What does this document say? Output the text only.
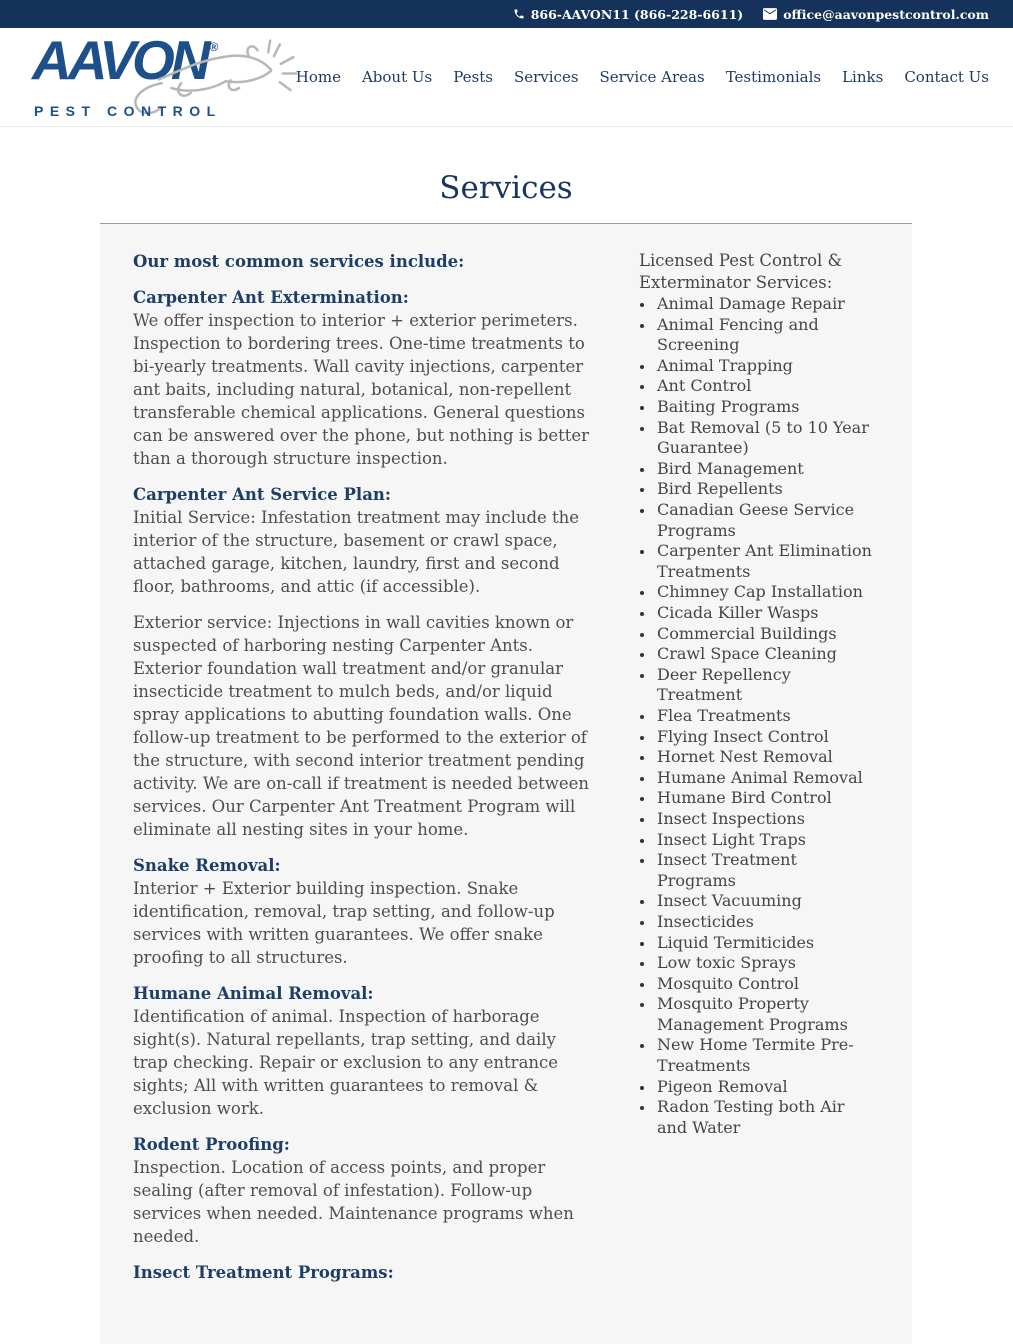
866-AAVON11 (866-228-6611)	office@aavonpestcontrol.com
AAVON ®
PEST CONTROL
Home About Us Pests Services Service Areas Testimonials Links Contact Us
Services
Our most common services include:
Carpenter Ant Extermination:

We offer inspection to interior + exterior perimeters. Inspection to bordering trees. One-time treatments to bi-yearly treatments. Wall cavity injections, carpenter ant baits, including natural, botanical, non-repellent transferable chemical applications. General questions can be answered over the phone, but nothing is better than a thorough structure inspection.

Carpenter Ant Service Plan:

Initial Service: Infestation treatment may include the interior of the structure, basement or crawl space, attached garage, kitchen, laundry, first and second floor, bathrooms, and attic (if accessible).

Exterior service: Injections in wall cavities known or suspected of harboring nesting Carpenter Ants. Exterior foundation wall treatment and/or granular insecticide treatment to mulch beds, and/or liquid spray applications to abutting foundation walls. One follow-up treatment to be performed to the exterior of the structure, with second interior treatment pending activity. We are on-call if treatment is needed between services. Our Carpenter Ant Treatment Program will eliminate all nesting sites in your home.

Snake Removal:

Interior + Exterior building inspection. Snake identification, removal, trap setting, and follow-up services with written guarantees. We offer snake proofing to all structures.

Humane Animal Removal:

Identification of animal. Inspection of harborage sight(s). Natural repellants, trap setting, and daily trap checking. Repair or exclusion to any entrance sights; All with written guarantees to removal & exclusion work.

Rodent Proofing:

Inspection. Location of access points, and proper sealing (after removal of infestation). Follow-up services when needed. Maintenance programs when needed.

Insect Treatment Programs:

Licensed Pest Control & Exterminator Services:

• Animal Damage Repair
• Animal Fencing and Screening
• Animal Trapping
• Ant Control
• Baiting Programs
• Bat Removal (5 to 10 Year Guarantee)
• Bird Management
• Bird Repellents
• Canadian Geese Service Programs
• Carpenter Ant Elimination Treatments
• Chimney Cap Installation
• Cicada Killer Wasps
• Commercial Buildings
• Crawl Space Cleaning
• Deer Repellency Treatment
• Flea Treatments
• Flying Insect Control
• Hornet Nest Removal
• Humane Animal Removal
• Humane Bird Control
• Insect Inspections
• Insect Light Traps
• Insect Treatment Programs
• Insect Vacuuming
• Insecticides
• Liquid Termiticides
• Low toxic Sprays
• Mosquito Control
• Mosquito Property Management Programs
• New Home Termite Pre-Treatments
• Pigeon Removal
• Radon Testing both Air and Water
